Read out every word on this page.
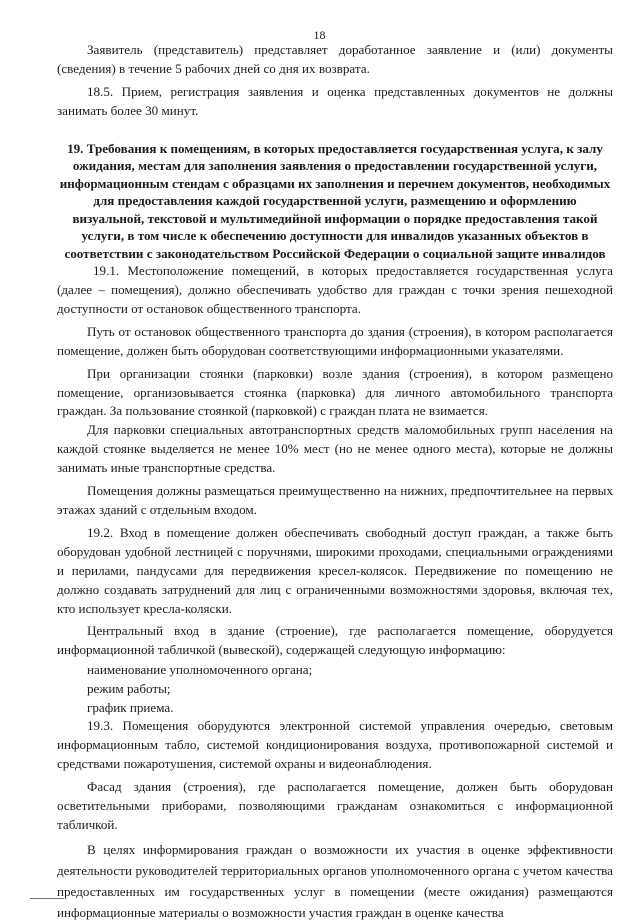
18

Заявитель (представитель) представляет доработанное заявление и (или) документы (сведения) в течение 5 рабочих дней со дня их возврата.

18.5. Прием, регистрация заявления и оценка представленных документов не должны занимать более 30 минут.

19. Требования к помещениям, в которых предоставляется государственная услуга, к залу ожидания, местам для заполнения заявления о предоставлении государственной услуги, информационным стендам с образцами их заполнения и перечнем документов, необходимых для предоставления каждой государственной услуги, размещению и оформлению визуальной, текстовой и мультимедийной информации о порядке предоставления такой услуги, в том числе к обеспечению доступности для инвалидов указанных объектов в соответствии с законодательством Российской Федерации о социальной защите инвалидов

19.1. Местоположение помещений, в которых предоставляется государственная услуга (далее – помещения), должно обеспечивать удобство для граждан с точки зрения пешеходной доступности от остановок общественного транспорта.

Путь от остановок общественного транспорта до здания (строения), в котором располагается помещение, должен быть оборудован соответствующими информационными указателями.

При организации стоянки (парковки) возле здания (строения), в котором размещено помещение, организовывается стоянка (парковка) для личного автомобильного транспорта граждан. За пользование стоянкой (парковкой) с граждан плата не взимается.

Для парковки специальных автотранспортных средств маломобильных групп населения на каждой стоянке выделяется не менее 10% мест (но не менее одного места), которые не должны занимать иные транспортные средства.

Помещения должны размещаться преимущественно на нижних, предпочтительнее на первых этажах зданий с отдельным входом.

19.2. Вход в помещение должен обеспечивать свободный доступ граждан, а также быть оборудован удобной лестницей с поручнями, широкими проходами, специальными ограждениями и перилами, пандусами для передвижения кресел-колясок. Передвижение по помещению не должно создавать затруднений для лиц с ограниченными возможностями здоровья, включая тех, кто использует кресла-коляски.

Центральный вход в здание (строение), где располагается помещение, оборудуется информационной табличкой (вывеской), содержащей следующую информацию:

наименование уполномоченного органа;
режим работы;
график приема.

19.3. Помещения оборудуются электронной системой управления очередью, световым информационным табло, системой кондиционирования воздуха, противопожарной системой и средствами пожаротушения, системой охраны и видеонаблюдения.

Фасад здания (строения), где располагается помещение, должен быть оборудован осветительными приборами, позволяющими гражданам ознакомиться с информационной табличкой.

В целях информирования граждан о возможности их участия в оценке эффективности деятельности руководителей территориальных органов уполномоченного органа с учетом качества предоставленных им государственных услуг в помещении (месте ожидания) размещаются информационные материалы о возможности участия граждан в оценке качества
